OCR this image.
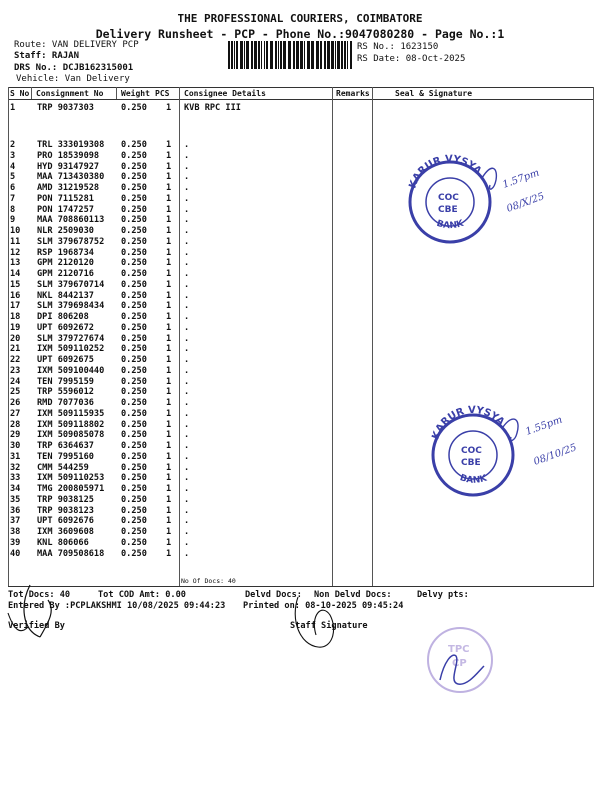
THE PROFESSIONAL COURIERS, COIMBATORE
Delivery Runsheet - PCP - Phone No.:9047080280 - Page No.:1
Route: VAN DELIVERY PCP
Staff: RAJAN
DRS No.: DCJB162315001
Vehicle: Van Delivery
RS No.: 1623150
RS Date: 08-Oct-2025
S No Consignment No Weight PCS Consignee Details	Remarks	Seal & Signature
1	TRP 9037303	0.250 1 KVB RPC III
2	TRL 333019308 0.250 1 .
3	PRO 18539098	0.250 1 .
4	HYD 93147927	0.250 1 .
5	MAA 713430380 0.250 1 .
6	AMD 31219528	0.250 1 .
7	PON 7115281	0.250 1 .
8	PON 1747257	0.250 1 .
9	MAA 708860113 0.250 1 .
10 NLR 2509030	0.250 1 .
11 SLM 379678752 0.250 1 .
12 RSP 1968734	0.250 1 .
13 GPM 2120120	0.250 1 .
14 GPM 2120716	0.250 1 .
15 SLM 379670714 0.250 1 .
16 NKL 8442137	0.250 1 .
17 SLM 379698434 0.250 1 .
18 DPI 806208	0.250 1 .
19 UPT 6092672	0.250 1 .
20 SLM 379727674 0.250 1 .
21 IXM 509110252 0.250 1 .
22 UPT 6092675	0.250 1 .
23 IXM 509100440 0.250 1 .
24 TEN 7995159	0.250 1 .
25 TRP 5596012	0.250 1 .
26 RMD 7077036	0.250 1 .
27 IXM 509115935 0.250 1 .
28 IXM 509118802 0.250 1 .
29 IXM 509085078 0.250 1 .
30 TRP 6364637	0.250 1 .
31 TEN 7995160	0.250 1 .
32 CMM 544259	0.250 1 .
33 IXM 509110253 0.250 1 .
34 TMG 200805971 0.250 1 .
35 TRP 9038125	0.250 1 .
36 TRP 9038123	0.250 1 .
37 UPT 6092676	0.250 1 .
38 IXM 3609608	0.250 1 .
39 KNL 806066	0.250 1 .
40 MAA 709508618 0.250 1 .
No Of Docs: 40
Tot Docs: 40	Tot COD Amt: 0.00	Delvd Docs: Non Delvd Docs:	Delvy pts:
Entered By :PCPLAKSHMI 10/08/2025 09:44:23 Printed on: 08-10-2025 09:45:24
Verified By	Staff Signature
KARUR VYSYA
BANK
COC
CBE
1.57pm
08/X/25
KARUR VYSYA
BANK
COC
CBE
1.55pm
08/10/25
TPC
CP
